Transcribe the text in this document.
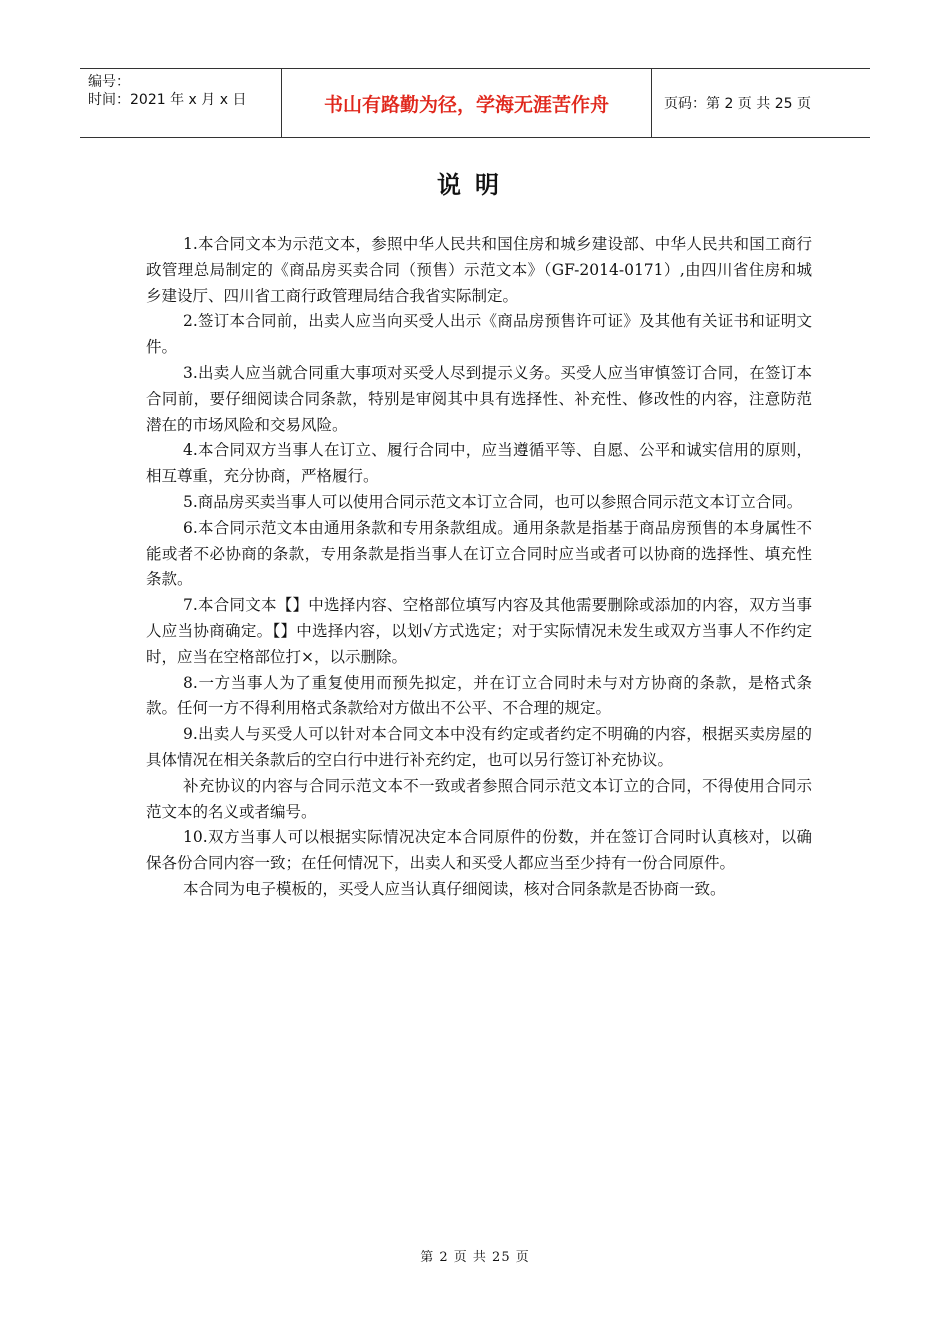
编号：
时间：2021 年 x 月 x 日	书山有路勤为径，学海无涯苦作舟	页码：第 2 页 共 25 页
说明

1.本合同文本为示范文本，参照中华人民共和国住房和城乡建设部、中华人民共和国工商行政管理总局制定的《商品房买卖合同（预售）示范文本》（GF-2014-0171）,由四川省住房和城乡建设厅、四川省工商行政管理局结合我省实际制定。

2.签订本合同前，出卖人应当向买受人出示《商品房预售许可证》及其他有关证书和证明文件。

3.出卖人应当就合同重大事项对买受人尽到提示义务。买受人应当审慎签订合同，在签订本合同前，要仔细阅读合同条款，特别是审阅其中具有选择性、补充性、修改性的内容，注意防范潜在的市场风险和交易风险。

4.本合同双方当事人在订立、履行合同中，应当遵循平等、自愿、公平和诚实信用的原则，相互尊重，充分协商，严格履行。

5.商品房买卖当事人可以使用合同示范文本订立合同，也可以参照合同示范文本订立合同。

6.本合同示范文本由通用条款和专用条款组成。通用条款是指基于商品房预售的本身属性不能或者不必协商的条款，专用条款是指当事人在订立合同时应当或者可以协商的选择性、填充性条款。

7.本合同文本【】中选择内容、空格部位填写内容及其他需要删除或添加的内容，双方当事人应当协商确定。【】中选择内容，以划√方式选定；对于实际情况未发生或双方当事人不作约定时，应当在空格部位打×，以示删除。

8.一方当事人为了重复使用而预先拟定，并在订立合同时未与对方协商的条款，是格式条款。任何一方不得利用格式条款给对方做出不公平、不合理的规定。

9.出卖人与买受人可以针对本合同文本中没有约定或者约定不明确的内容，根据买卖房屋的具体情况在相关条款后的空白行中进行补充约定，也可以另行签订补充协议。

补充协议的内容与合同示范文本不一致或者参照合同示范文本订立的合同，不得使用合同示范文本的名义或者编号。

10.双方当事人可以根据实际情况决定本合同原件的份数，并在签订合同时认真核对，以确保各份合同内容一致；在任何情况下，出卖人和买受人都应当至少持有一份合同原件。

本合同为电子模板的，买受人应当认真仔细阅读，核对合同条款是否协商一致。

第 2 页 共 25 页
